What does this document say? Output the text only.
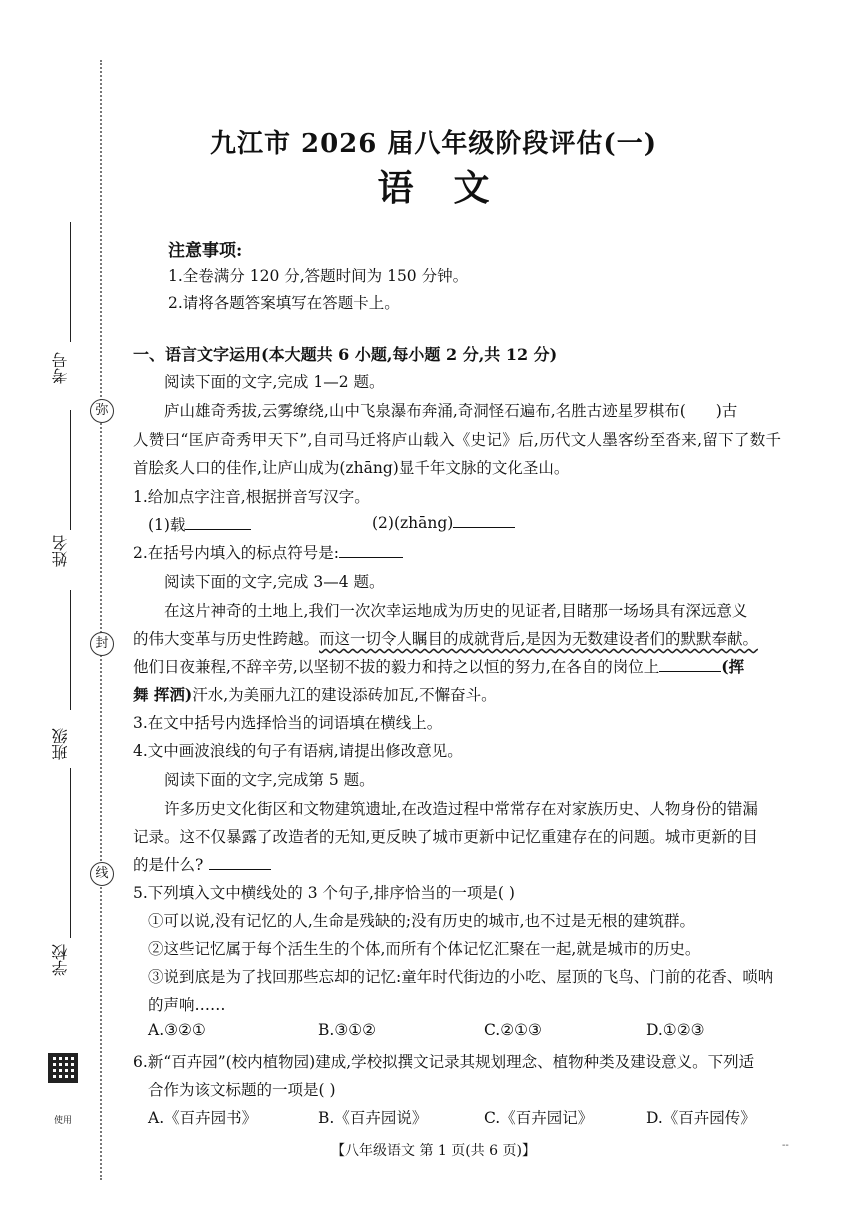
弥
封
线
考号
姓名
班级
学校
使用
九江市 2026 届八年级阶段评估(一)
语文
注意事项:
1.全卷满分 120 分,答题时间为 150 分钟。
2.请将各题答案填写在答题卡上。
一、语言文字运用(本大题共 6 小题,每小题 2 分,共 12 分)
阅读下面的文字,完成 1—2 题。
庐山雄奇秀拔,云雾缭绕,山中飞泉瀑布奔涌,奇洞怪石遍布,名胜古迹星罗棋布( )古
人赞曰“匡庐奇秀甲天下”,自司马迁将庐山载入《史记》后,历代文人墨客纷至沓来,留下了数千
首脍炙人口的佳作,让庐山成为(zhāng)显千年文脉的文化圣山。
1.给加点字注音,根据拼音写汉字。
(1)载	(2)(zhāng)
2.在括号内填入的标点符号是:
阅读下面的文字,完成 3—4 题。
在这片神奇的土地上,我们一次次幸运地成为历史的见证者,目睹那一场场具有深远意义
的伟大变革与历史性跨越。而这一切令人瞩目的成就背后,是因为无数建设者们的默默奉献。
他们日夜兼程,不辞辛劳,以坚韧不拔的毅力和持之以恒的努力,在各自的岗位上	(挥
舞 挥洒)汗水,为美丽九江的建设添砖加瓦,不懈奋斗。
3.在文中括号内选择恰当的词语填在横线上。
4.文中画波浪线的句子有语病,请提出修改意见。
阅读下面的文字,完成第 5 题。
许多历史文化街区和文物建筑遗址,在改造过程中常常存在对家族历史、人物身份的错漏
记录。这不仅暴露了改造者的无知,更反映了城市更新中记忆重建存在的问题。城市更新的目
的是什么?
5.下列填入文中横线处的 3 个句子,排序恰当的一项是( )
①可以说,没有记忆的人,生命是残缺的;没有历史的城市,也不过是无根的建筑群。
②这些记忆属于每个活生生的个体,而所有个体记忆汇聚在一起,就是城市的历史。
③说到底是为了找回那些忘却的记忆:童年时代街边的小吃、屋顶的飞鸟、门前的花香、唢呐
的声响……
A.③②①	B.③①②	C.②①③	D.①②③
6.新“百卉园”(校内植物园)建成,学校拟撰文记录其规划理念、植物种类及建设意义。下列适
合作为该文标题的一项是( )
A.《百卉园书》	B.《百卉园说》	C.《百卉园记》	D.《百卉园传》
【八年级语文 第 1 页(共 6 页)】	--
